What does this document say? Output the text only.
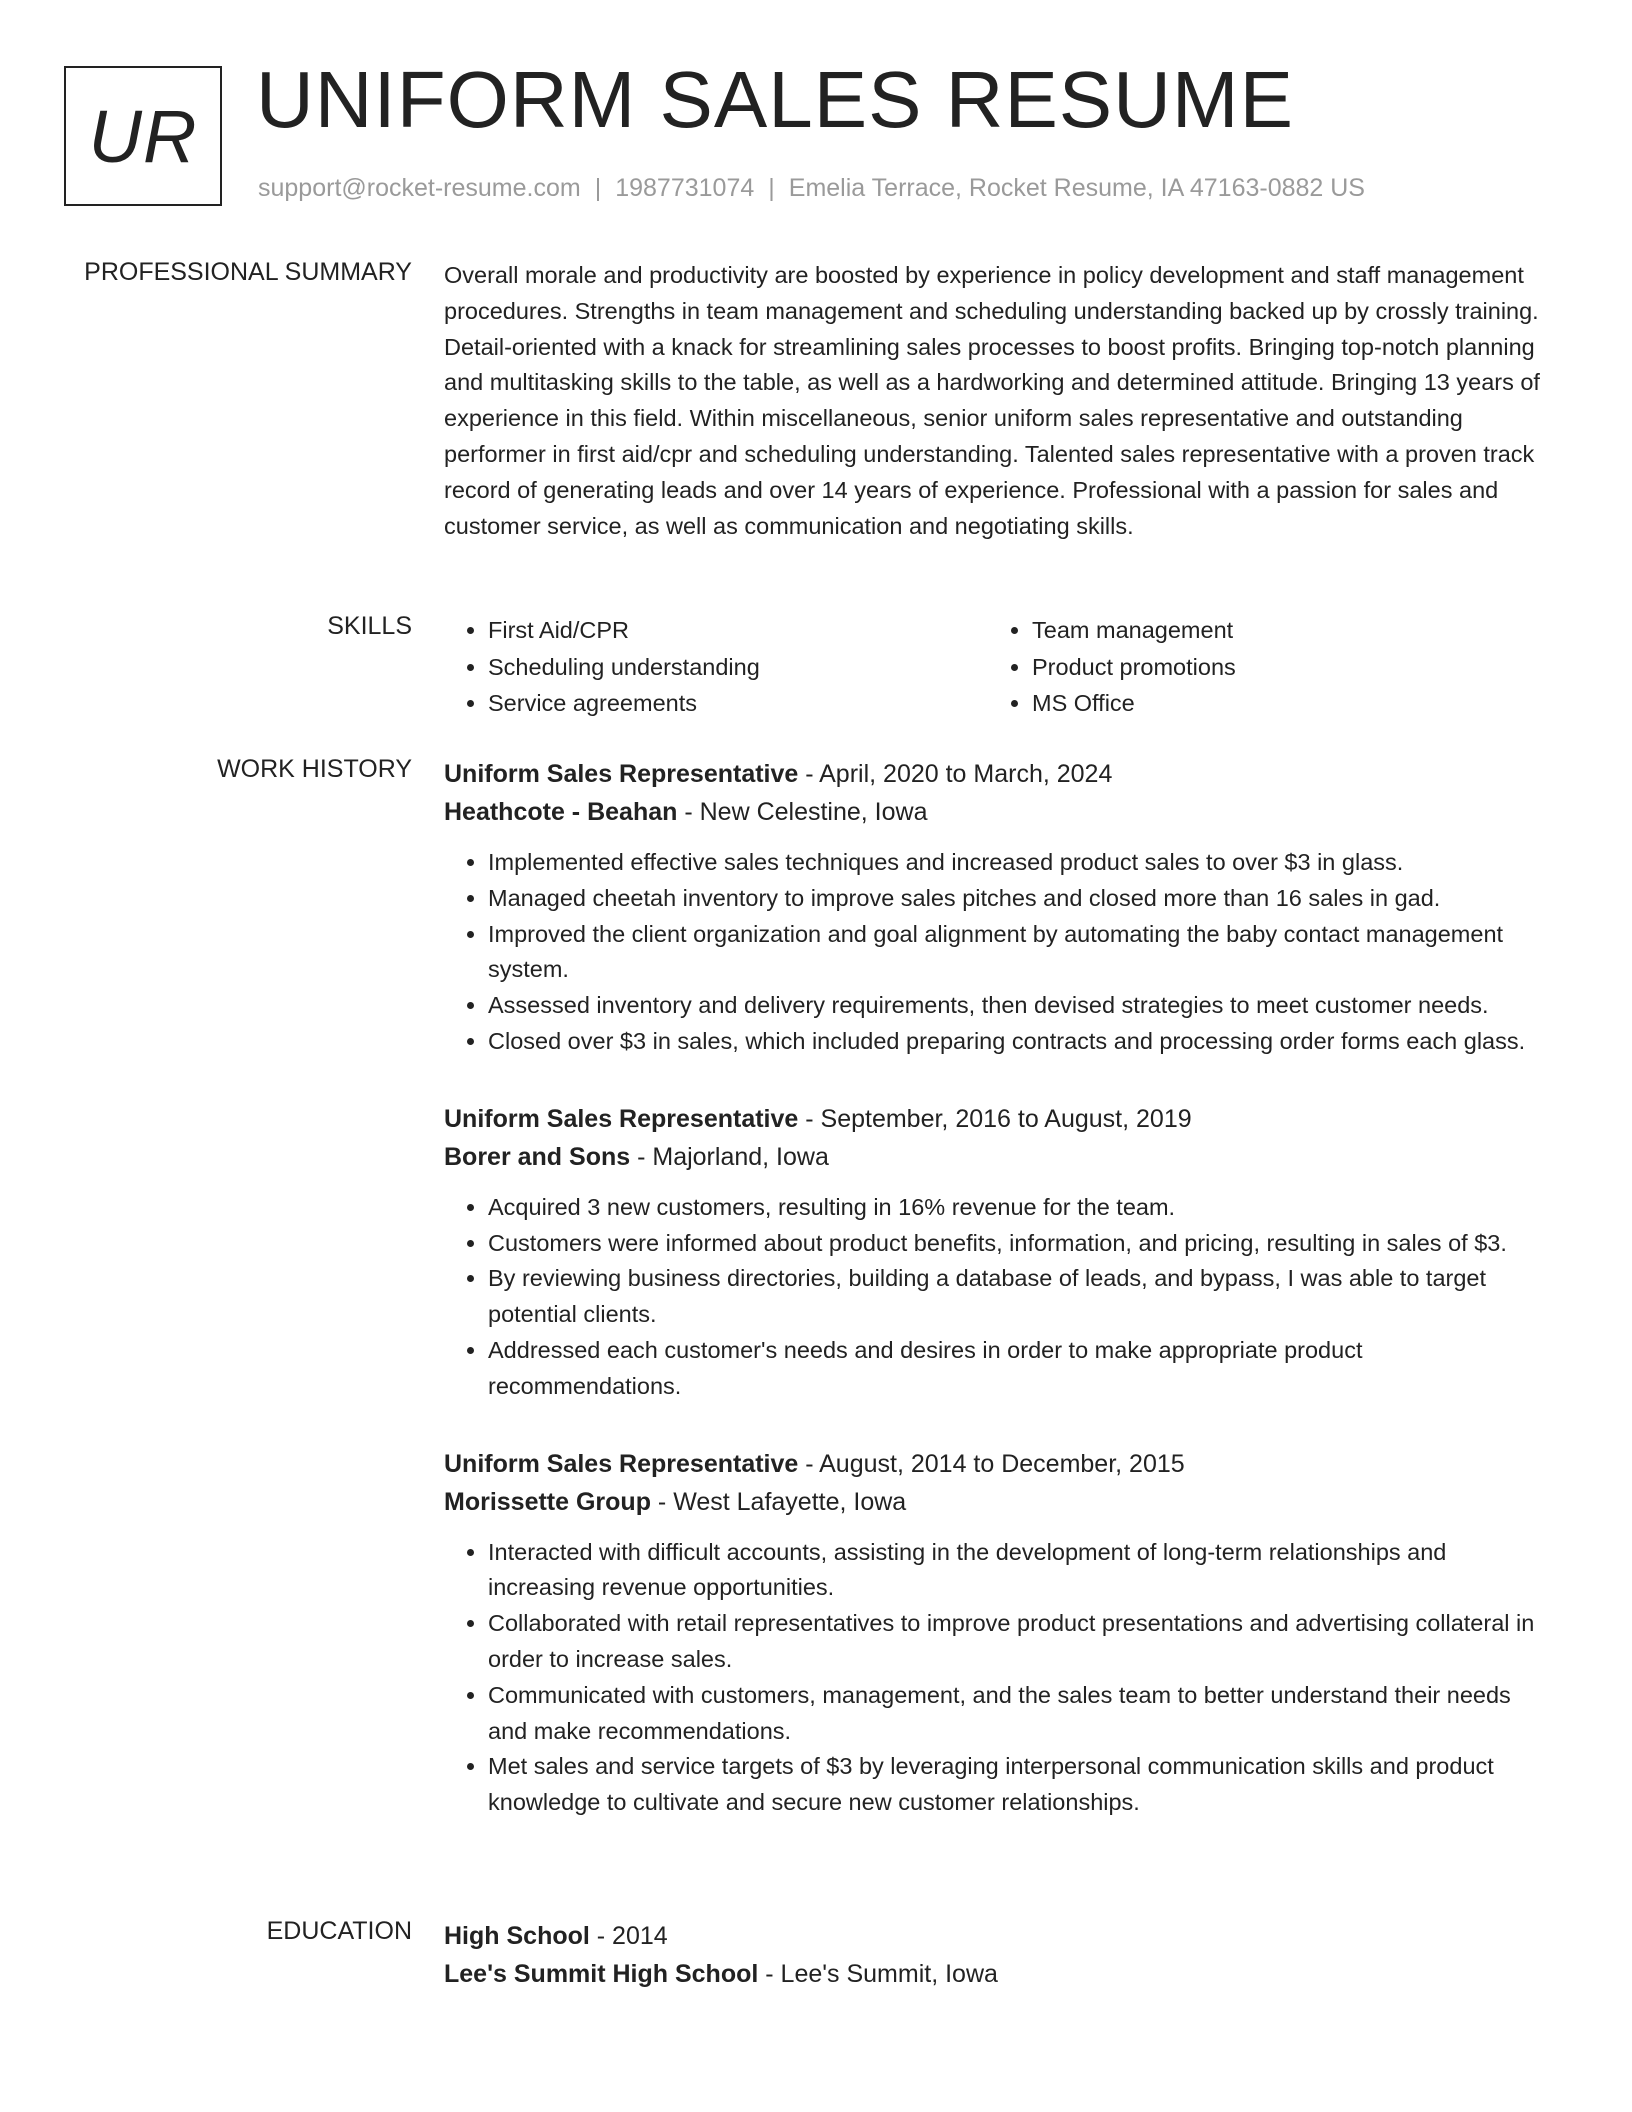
UR UNIFORM SALES RESUME
support@rocket-resume.com | 1987731074 | Emelia Terrace, Rocket Resume, IA 47163-0882 US
PROFESSIONAL SUMMARY Overall morale and productivity are boosted by experience in policy development and staff management procedures. Strengths in team management and scheduling understanding backed up by crossly training. Detail-oriented with a knack for streamlining sales processes to boost profits. Bringing top-notch planning and multitasking skills to the table, as well as a hardworking and determined attitude. Bringing 13 years of experience in this field. Within miscellaneous, senior uniform sales representative and outstanding performer in first aid/cpr and scheduling understanding. Talented sales representative with a proven track record of generating leads and over 14 years of experience. Professional with a passion for sales and customer service, as well as communication and negotiating skills.

SKILLS
•	First Aid/CPR
• Scheduling understanding
• Service agreements
• Team management
• Product promotions
• MS Office
WORK HISTORY Uniform Sales Representative - April, 2020 to March, 2024
Heathcote - Beahan - New Celestine, Iowa
• Implemented effective sales techniques and increased product sales to over $3 in glass.
• Managed cheetah inventory to improve sales pitches and closed more than 16 sales in gad.
• Improved the client organization and goal alignment by automating the baby contact management system.
• Assessed inventory and delivery requirements, then devised strategies to meet customer needs.
• Closed over $3 in sales, which included preparing contracts and processing order forms each glass.
Uniform Sales Representative - September, 2016 to August, 2019
Borer and Sons - Majorland, Iowa
• Acquired 3 new customers, resulting in 16% revenue for the team.
• Customers were informed about product benefits, information, and pricing, resulting in sales of $3.
• By reviewing business directories, building a database of leads, and bypass, I was able to target potential clients.
• Addressed each customer's needs and desires in order to make appropriate product recommendations.
Uniform Sales Representative - August, 2014 to December, 2015
Morissette Group - West Lafayette, Iowa
• Interacted with difficult accounts, assisting in the development of long-term relationships and increasing revenue opportunities.
• Collaborated with retail representatives to improve product presentations and advertising collateral in order to increase sales.
• Communicated with customers, management, and the sales team to better understand their needs and make recommendations.
• Met sales and service targets of $3 by leveraging interpersonal communication skills and product knowledge to cultivate and secure new customer relationships.
EDUCATION High School - 2014
Lee's Summit High School - Lee's Summit, Iowa
